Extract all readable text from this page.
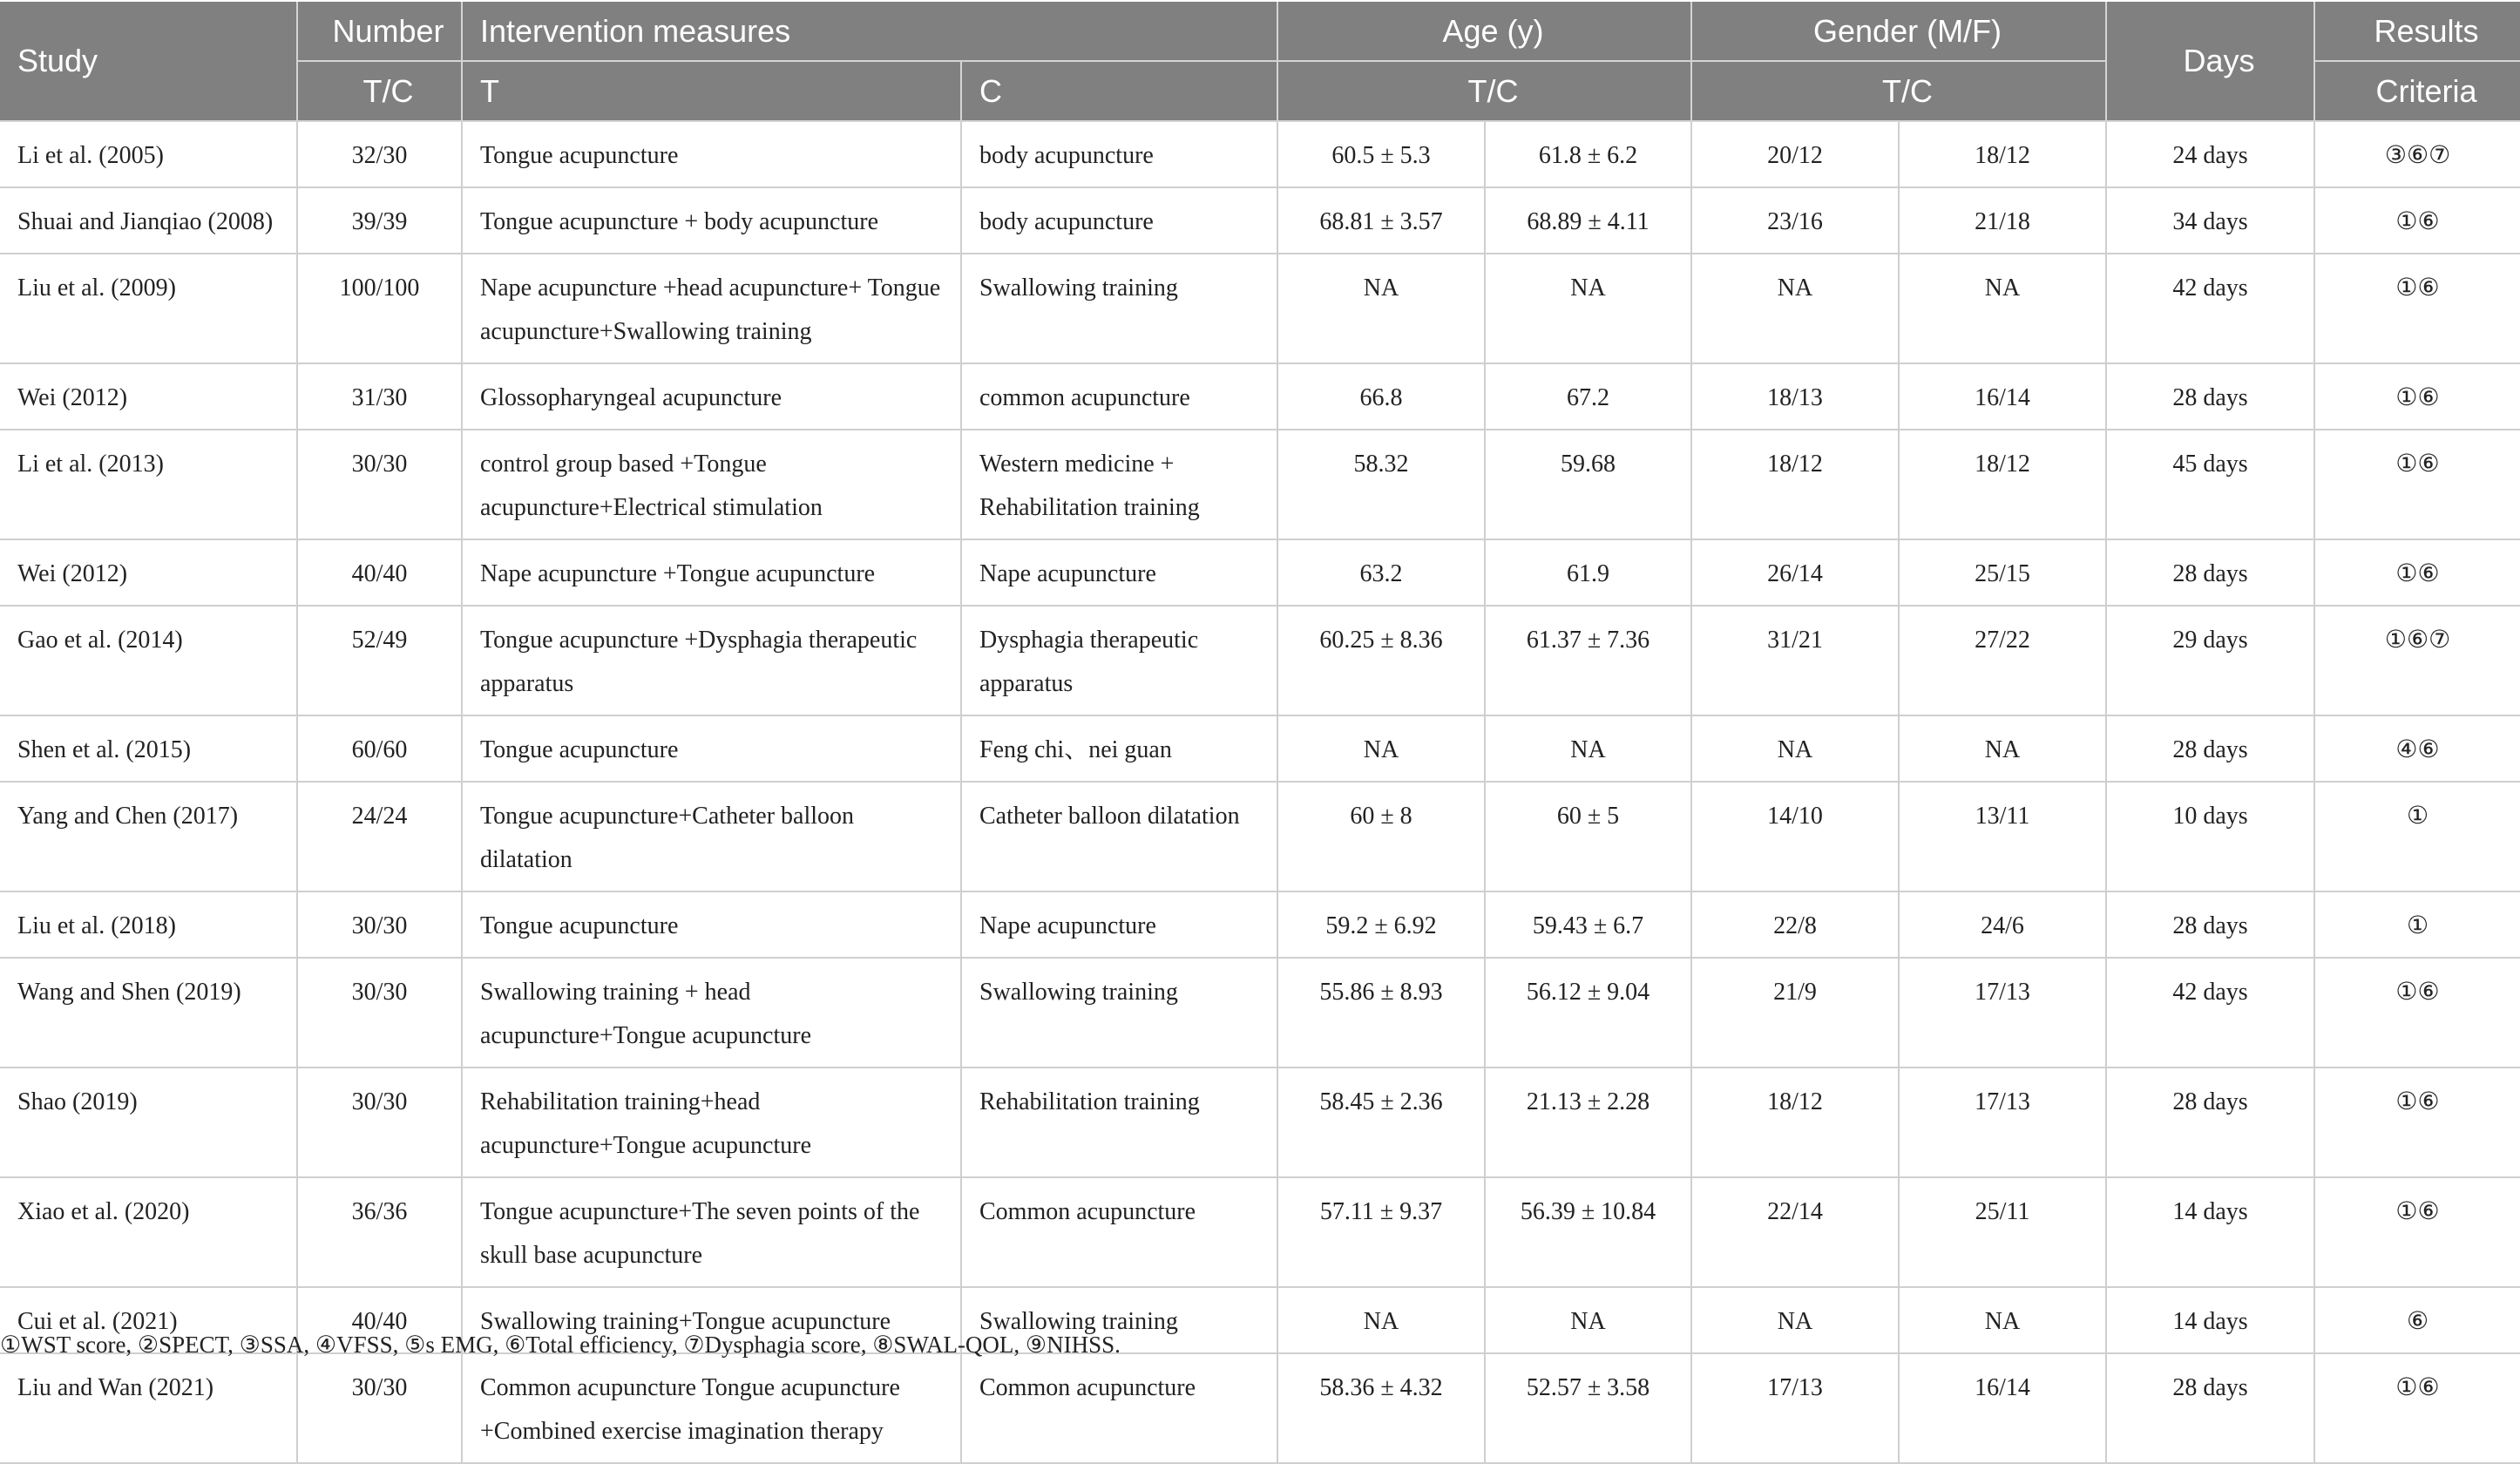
Study	Number	Intervention measures		Age (y)		Gender (M/F)		Days	Results
	T/C	T	C	T/C		T/C			Criteria
Li et al. (2005)	32/30	Tongue acupuncture	body acupuncture	60.5 ± 5.3	61.8 ± 6.2	20/12	18/12	24 days	③⑥⑦
Shuai and Jianqiao (2008)	39/39	Tongue acupuncture + body acupuncture	body acupuncture	68.81 ± 3.57	68.89 ± 4.11	23/16	21/18	34 days	①⑥
Liu et al. (2009)	100/100	Nape acupuncture +head acupuncture+ Tongue acupuncture+Swallowing training	Swallowing training	NA	NA	NA	NA	42 days	①⑥
Wei (2012)	31/30	Glossopharyngeal acupuncture	common acupuncture	66.8	67.2	18/13	16/14	28 days	①⑥
Li et al. (2013)	30/30	control group based +Tongue acupuncture+Electrical stimulation	Western medicine + Rehabilitation training	58.32	59.68	18/12	18/12	45 days	①⑥
Wei (2012)	40/40	Nape acupuncture +Tongue acupuncture	Nape acupuncture	63.2	61.9	26/14	25/15	28 days	①⑥
Gao et al. (2014)	52/49	Tongue acupuncture +Dysphagia therapeutic apparatus	Dysphagia therapeutic apparatus	60.25 ± 8.36	61.37 ± 7.36	31/21	27/22	29 days	①⑥⑦
Shen et al. (2015)	60/60	Tongue acupuncture	Feng chi、nei guan	NA	NA	NA	NA	28 days	④⑥
Yang and Chen (2017)	24/24	Tongue acupuncture+Catheter balloon dilatation	Catheter balloon dilatation	60 ± 8	60 ± 5	14/10	13/11	10 days	①
Liu et al. (2018)	30/30	Tongue acupuncture	Nape acupuncture	59.2 ± 6.92	59.43 ± 6.7	22/8	24/6	28 days	①
Wang and Shen (2019)	30/30	Swallowing training + head acupuncture+Tongue acupuncture	Swallowing training	55.86 ± 8.93	56.12 ± 9.04	21/9	17/13	42 days	①⑥
Shao (2019)	30/30	Rehabilitation training+head acupuncture+Tongue acupuncture	Rehabilitation training	58.45 ± 2.36	21.13 ± 2.28	18/12	17/13	28 days	①⑥
Xiao et al. (2020)	36/36	Tongue acupuncture+The seven points of the skull base acupuncture	Common acupuncture	57.11 ± 9.37	56.39 ± 10.84	22/14	25/11	14 days	①⑥
Cui et al. (2021)	40/40	Swallowing training+Tongue acupuncture	Swallowing training	NA	NA	NA	NA	14 days	⑥
Liu and Wan (2021)	30/30	Common acupuncture Tongue acupuncture +Combined exercise imagination therapy	Common acupuncture	58.36 ± 4.32	52.57 ± 3.58	17/13	16/14	28 days	①⑥
①WST score, ②SPECT, ③SSA, ④VFSS, ⑤s EMG, ⑥Total efficiency, ⑦Dysphagia score, ⑧SWAL-QOL, ⑨NIHSS.
